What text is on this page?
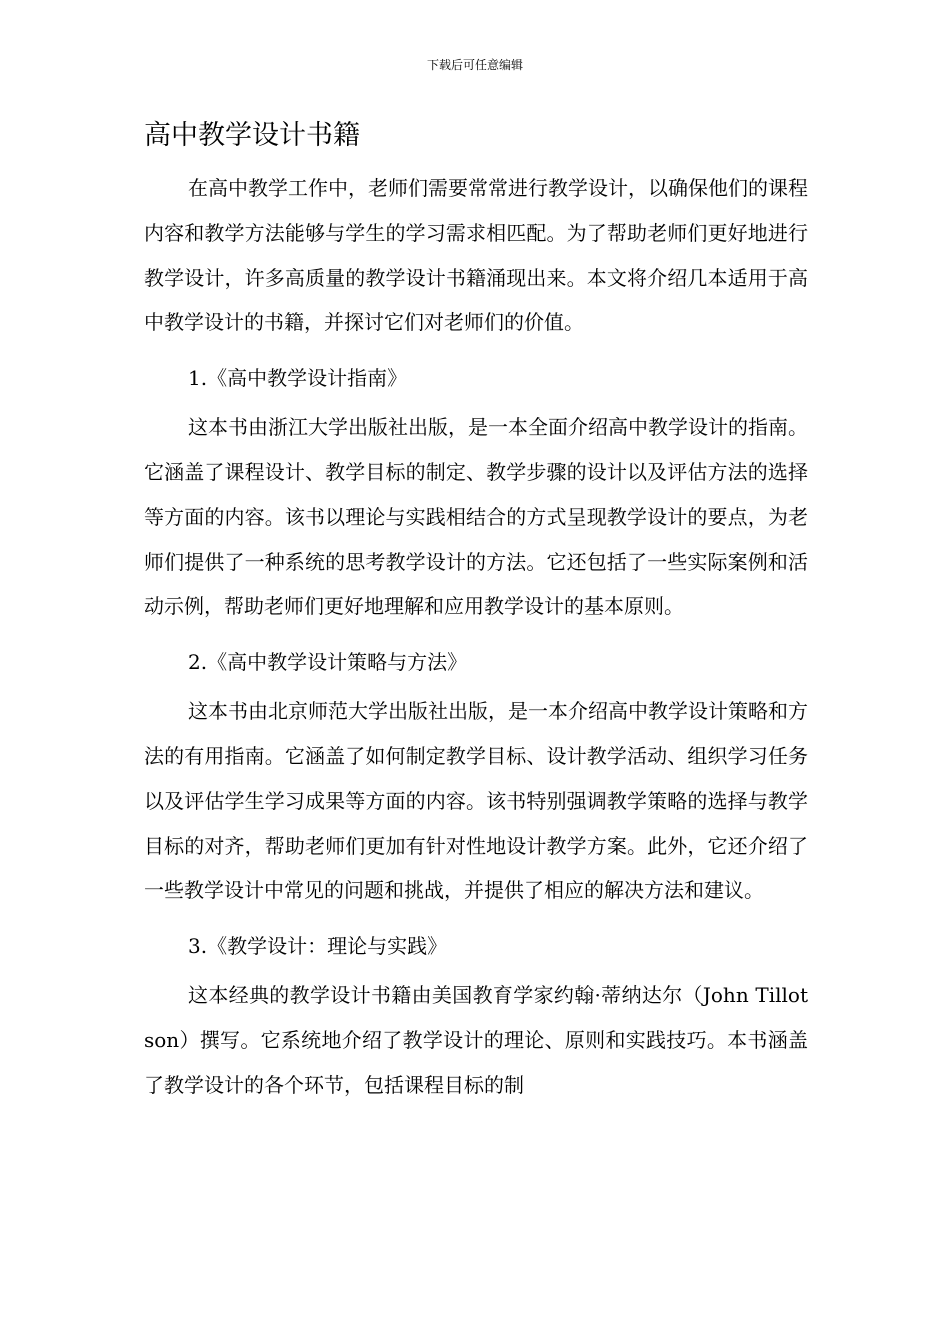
下载后可任意编辑
高中教学设计书籍

在高中教学工作中，老师们需要常常进行教学设计，以确保他们的课程内容和教学方法能够与学生的学习需求相匹配。为了帮助老师们更好地进行教学设计，许多高质量的教学设计书籍涌现出来。本文将介绍几本适用于高中教学设计的书籍，并探讨它们对老师们的价值。

1.《高中教学设计指南》

这本书由浙江大学出版社出版，是一本全面介绍高中教学设计的指南。它涵盖了课程设计、教学目标的制定、教学步骤的设计以及评估方法的选择等方面的内容。该书以理论与实践相结合的方式呈现教学设计的要点，为老师们提供了一种系统的思考教学设计的方法。它还包括了一些实际案例和活动示例，帮助老师们更好地理解和应用教学设计的基本原则。

2.《高中教学设计策略与方法》

这本书由北京师范大学出版社出版，是一本介绍高中教学设计策略和方法的有用指南。它涵盖了如何制定教学目标、设计教学活动、组织学习任务以及评估学生学习成果等方面的内容。该书特别强调教学策略的选择与教学目标的对齐，帮助老师们更加有针对性地设计教学方案。此外，它还介绍了一些教学设计中常见的问题和挑战，并提供了相应的解决方法和建议。

3.《教学设计：理论与实践》

这本经典的教学设计书籍由美国教育学家约翰·蒂纳达尔（John Tillotson）撰写。它系统地介绍了教学设计的理论、原则和实践技巧。本书涵盖了教学设计的各个环节，包括课程目标的制
